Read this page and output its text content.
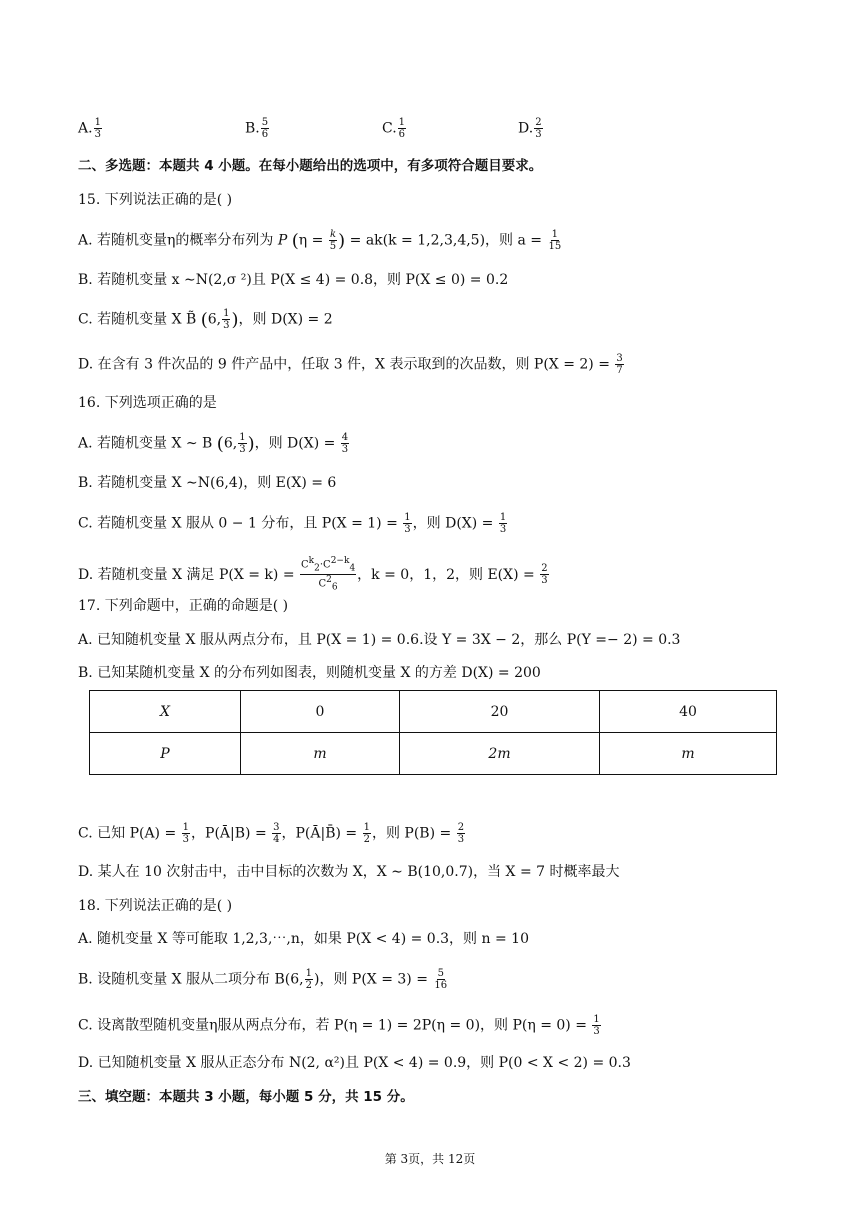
A. $\frac{1}{3}$	B. $\frac{5}{6}$	C. $\frac{1}{6}$	D. $\frac{2}{3}$
二、多选题：本题共 4 小题。在每小题给出的选项中，有多项符合题目要求。
15. 下列说法正确的是( )
A. 若随机变量η的概率分布列为 P ($\eta = \frac{k}{5}$ ) = ak(k = 1,2,3,4,5)，则 $a = \frac{1}{15}$
B. 若随机变量 x ∼N(2,σ ²)且 P(X ≤ 4) = 0.8，则 P(X ≤ 0) = 0.2
C. 若随机变量 X B̃ (6, $\frac{1}{3}$ )，则 D(X) = 2
D. 在含有 3 件次品的 9 件产品中，任取 3 件，X 表示取到的次品数，则 $P(X = 2) = \frac{3}{7}$
16. 下列选项正确的是
A. 若随机变量 X ∼ B (6, $\frac{1}{3}$ )，则 $D(X) = \frac{4}{3}$
B. 若随机变量 X ∼N(6,4)，则 E(X) = 6
C. 若随机变量 X 服从 0 − 1 分布，且 $P(X = 1) = \frac{1}{3}$ ，则 $D(X) = \frac{1}{3}$
D. 若随机变量 X 满足 $P(X = k) = \frac{C^k_2\cdot C^{2-k}_4}{C^2_6}$ ，k = 0，1，2，则 $E(X) = \frac{2}{3}$
17. 下列命题中，正确的命题是( )
A. 已知随机变量 X 服从两点分布，且 P(X = 1) = 0.6.设 Y = 3X − 2，那么 P(Y =− 2) = 0.3
B. 已知某随机变量 X 的分布列如图表，则随机变量 X 的方差 D(X) = 200
X	0	20	40
P	m	2m	m
C. 已知 $P(A) = \frac{1}{3}$ ，P(Ā|B) = $\frac{3}{4}$ ，P(Ā|B̄) = $\frac{1}{2}$ ，则 $P(B) = \frac{2}{3}$
D. 某人在 10 次射击中，击中目标的次数为 X，X ∼ B(10,0.7)，当 X = 7 时概率最大
18. 下列说法正确的是( )
A. 随机变量 X 等可能取 1,2,3,⋯,n，如果 P(X < 4) = 0.3，则 n = 10
B. 设随机变量 X 服从二项分布 B(6, $\frac{1}{2}$ )，则 $P(X = 3) = \frac{5}{16}$
C. 设离散型随机变量η服从两点分布，若 P(η = 1) = 2P(η = 0)，则 $P(\eta = 0) = \frac{1}{3}$
D. 已知随机变量 X 服从正态分布 N(2, α²)且 P(X < 4) = 0.9，则 P(0 < X < 2) = 0.3
三、填空题：本题共 3 小题，每小题 5 分，共 15 分。
第 3页，共 12页
